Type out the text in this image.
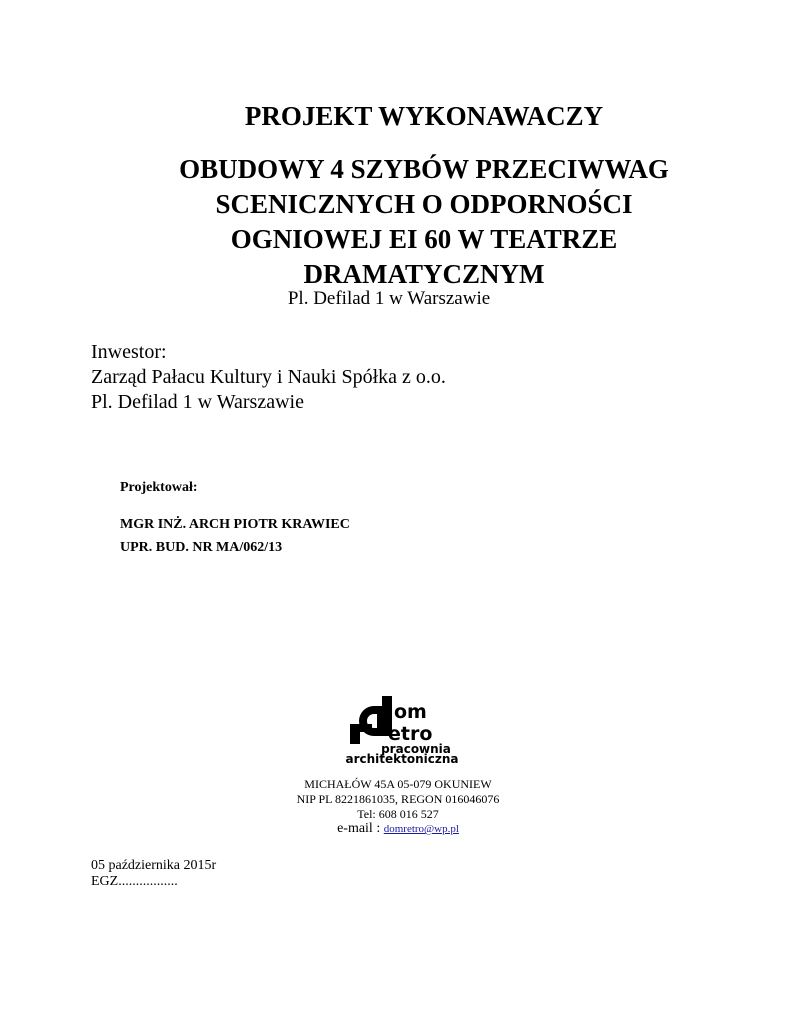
PROJEKT WYKONAWACZY
OBUDOWY 4 SZYBÓW PRZECIWWAG
SCENICZNYCH O ODPORNOŚCI
OGNIOWEJ EI 60 W TEATRZE
DRAMATYCZNYM
Pl. Defilad 1 w Warszawie
Inwestor:
Zarząd Pałacu Kultury i Nauki Spółka z o.o.
Pl. Defilad 1 w Warszawie
Projektował:
MGR INŻ. ARCH PIOTR KRAWIEC
UPR. BUD. NR MA/062/13
om
etro
pracownia
architektoniczna
MICHAŁÓW 45A 05-079 OKUNIEW
NIP PL 8221861035, REGON 016046076
Tel: 608 016 527
e-mail : domretro@wp.pl
05 października 2015r
EGZ.................
